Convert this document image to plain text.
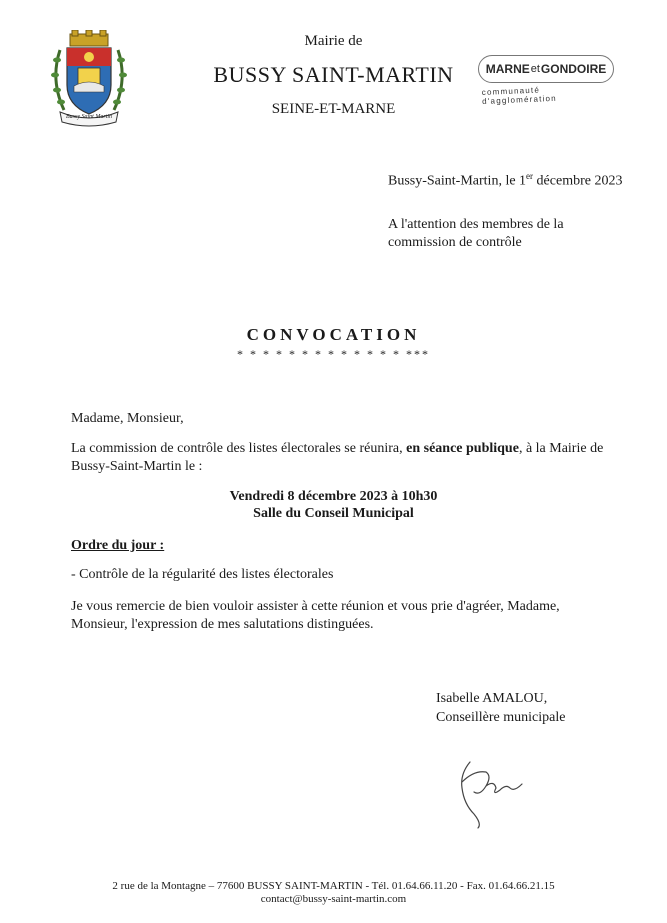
Bussy Saint Martin
Mairie de
BUSSY SAINT-MARTIN
SEINE-ET-MARNE
MARNE et GONDOIRE
communauté d'agglomération
Bussy-Saint-Martin, le 1er décembre 2023
A l'attention des membres de la
commission de contrôle
CONVOCATION
* * * * * * * * * * * * * ***
Madame, Monsieur,
La commission de contrôle des listes électorales se réunira, en séance publique, à la Mairie de Bussy-Saint-Martin le :
Vendredi 8 décembre 2023 à 10h30
Salle du Conseil Municipal
Ordre du jour :
- Contrôle de la régularité des listes électorales
Je vous remercie de bien vouloir assister à cette réunion et vous prie d'agréer, Madame, Monsieur, l'expression de mes salutations distinguées.
Isabelle AMALOU,
Conseillère municipale
2 rue de la Montagne – 77600 BUSSY SAINT-MARTIN - Tél. 01.64.66.11.20 - Fax. 01.64.66.21.15
contact@bussy-saint-martin.com
